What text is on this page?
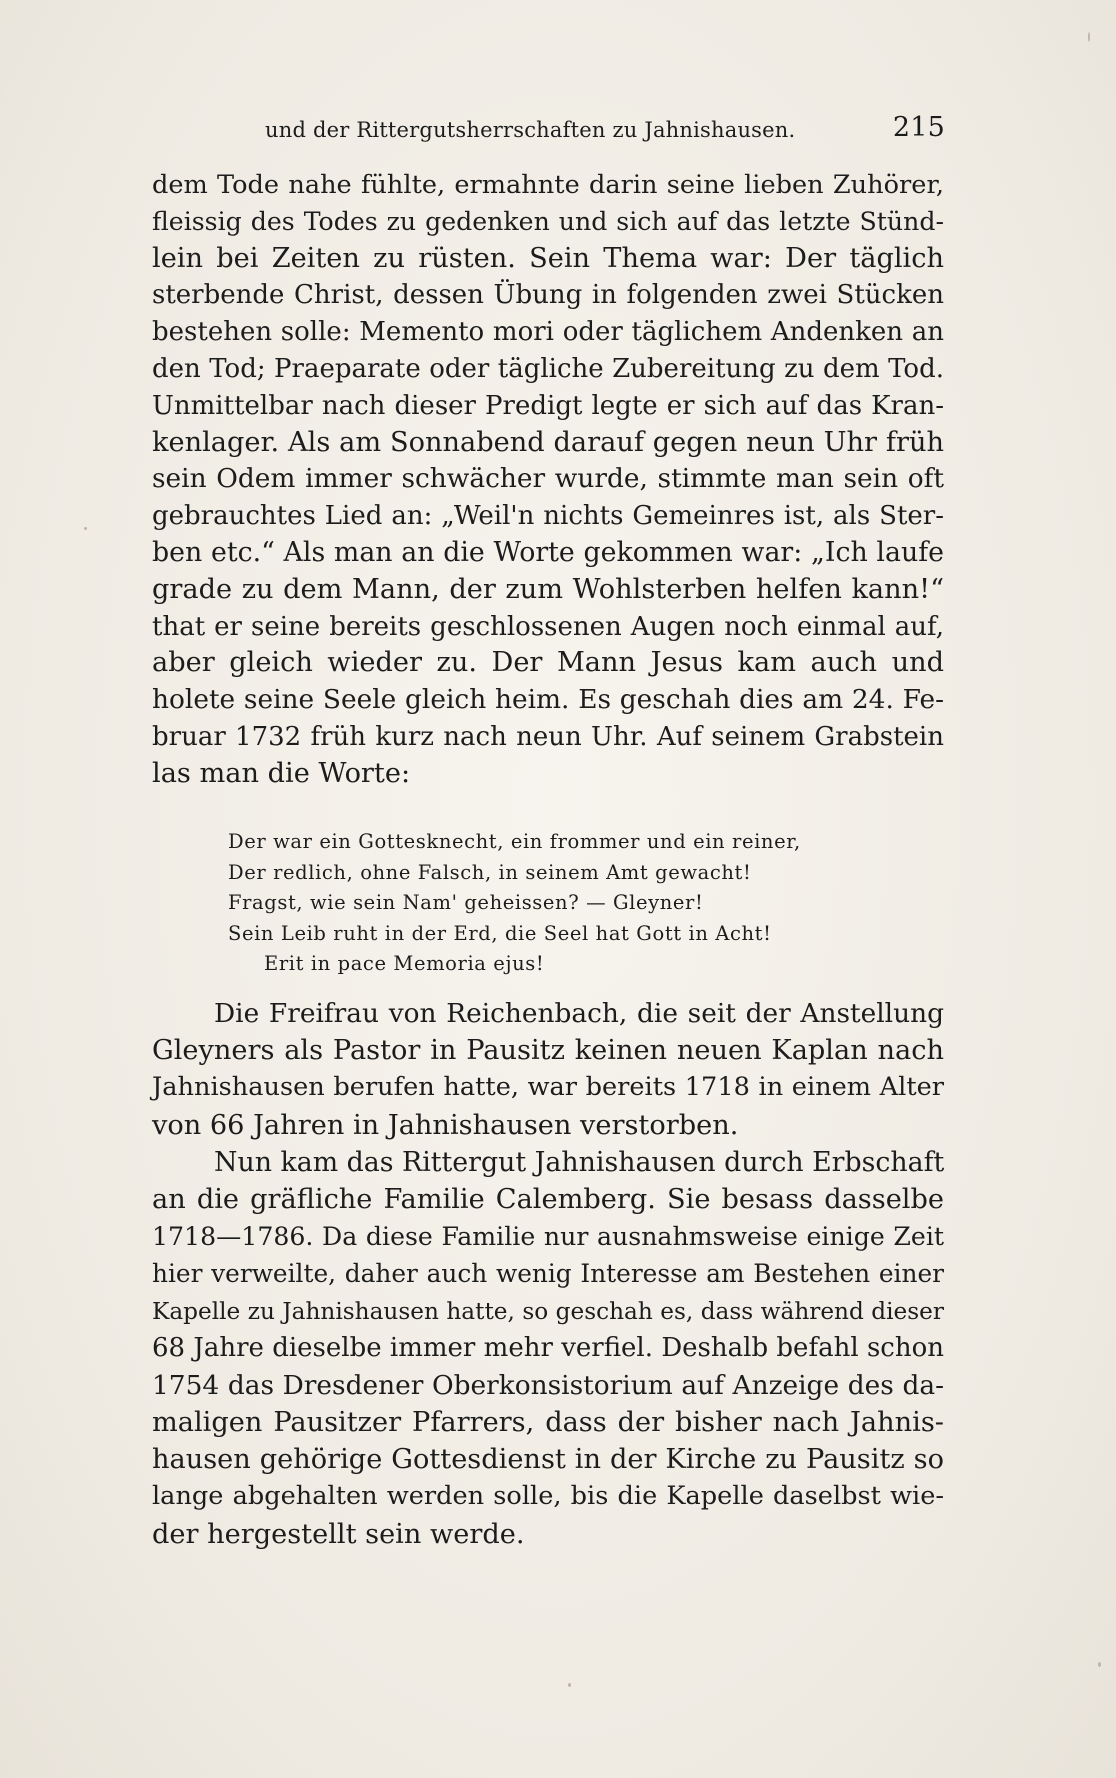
und der Rittergutsherrschaften zu Jahnishausen.	215
dem Tode nahe fühlte, ermahnte darin seine lieben Zuhörer,
fleissig des Todes zu gedenken und sich auf das letzte Stünd-
lein bei Zeiten zu rüsten. Sein Thema war: Der täglich
sterbende Christ, dessen Übung in folgenden zwei Stücken
bestehen solle: Memento mori oder täglichem Andenken an
den Tod; Praeparate oder tägliche Zubereitung zu dem Tod.
Unmittelbar nach dieser Predigt legte er sich auf das Kran-
kenlager. Als am Sonnabend darauf gegen neun Uhr früh
sein Odem immer schwächer wurde, stimmte man sein oft
gebrauchtes Lied an: „Weil'n nichts Gemeinres ist, als Ster-
ben etc.“ Als man an die Worte gekommen war: „Ich laufe
grade zu dem Mann, der zum Wohlsterben helfen kann!“
that er seine bereits geschlossenen Augen noch einmal auf,
aber gleich wieder zu. Der Mann Jesus kam auch und
holete seine Seele gleich heim. Es geschah dies am 24. Fe-
bruar 1732 früh kurz nach neun Uhr. Auf seinem Grabstein
las man die Worte:
Der war ein Gottesknecht, ein frommer und ein reiner,
Der redlich, ohne Falsch, in seinem Amt gewacht!
Fragst, wie sein Nam' geheissen? — Gleyner!
Sein Leib ruht in der Erd, die Seel hat Gott in Acht!
Erit in pace Memoria ejus!
Die Freifrau von Reichenbach, die seit der Anstellung
Gleyners als Pastor in Pausitz keinen neuen Kaplan nach
Jahnishausen berufen hatte, war bereits 1718 in einem Alter
von 66 Jahren in Jahnishausen verstorben.
Nun kam das Rittergut Jahnishausen durch Erbschaft
an die gräfliche Familie Calemberg. Sie besass dasselbe
1718—1786. Da diese Familie nur ausnahmsweise einige Zeit
hier verweilte, daher auch wenig Interesse am Bestehen einer
Kapelle zu Jahnishausen hatte, so geschah es, dass während dieser
68 Jahre dieselbe immer mehr verfiel. Deshalb befahl schon
1754 das Dresdener Oberkonsistorium auf Anzeige des da-
maligen Pausitzer Pfarrers, dass der bisher nach Jahnis-
hausen gehörige Gottesdienst in der Kirche zu Pausitz so
lange abgehalten werden solle, bis die Kapelle daselbst wie-
der hergestellt sein werde.
